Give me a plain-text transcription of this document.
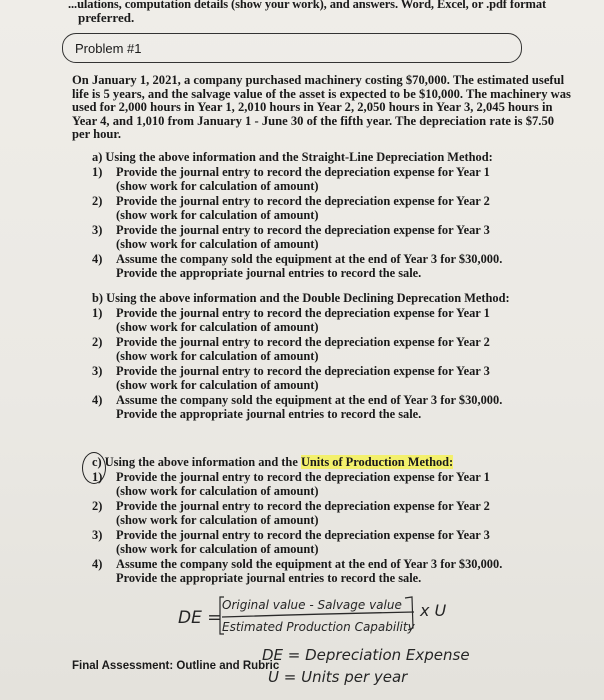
...ulations, computation details (show your work), and answers. Word, Excel, or .pdf format
preferred.
Problem #1
On January 1, 2021, a company purchased machinery costing $70,000. The estimated useful life is 5 years, and the salvage value of the asset is expected to be $10,000. The machinery was used for 2,000 hours in Year 1, 2,010 hours in Year 2, 2,050 hours in Year 3, 2,045 hours in Year 4, and 1,010 from January 1 - June 30 of the fifth year. The depreciation rate is $7.50 per hour.
a) Using the above information and the Straight-Line Depreciation Method:
1) Provide the journal entry to record the depreciation expense for Year 1
(show work for calculation of amount)
2) Provide the journal entry to record the depreciation expense for Year 2
(show work for calculation of amount)
3) Provide the journal entry to record the depreciation expense for Year 3
(show work for calculation of amount)
4) Assume the company sold the equipment at the end of Year 3 for $30,000.
Provide the appropriate journal entries to record the sale.
b) Using the above information and the Double Declining Deprecation Method:
1) Provide the journal entry to record the depreciation expense for Year 1
(show work for calculation of amount)
2) Provide the journal entry to record the depreciation expense for Year 2
(show work for calculation of amount)
3) Provide the journal entry to record the depreciation expense for Year 3
(show work for calculation of amount)
4) Assume the company sold the equipment at the end of Year 3 for $30,000.
Provide the appropriate journal entries to record the sale.
c) Using the above information and the Units of Production Method:
1) Provide the journal entry to record the depreciation expense for Year 1
(show work for calculation of amount)
2) Provide the journal entry to record the depreciation expense for Year 2
(show work for calculation of amount)
3) Provide the journal entry to record the depreciation expense for Year 3
(show work for calculation of amount)
4) Assume the company sold the equipment at the end of Year 3 for $30,000.
Provide the appropriate journal entries to record the sale.
DE =
Original value - Salvage value
Estimated Production Capability
x U
DE = Depreciation Expense
U = Units per year
Final Assessment: Outline and Rubric
